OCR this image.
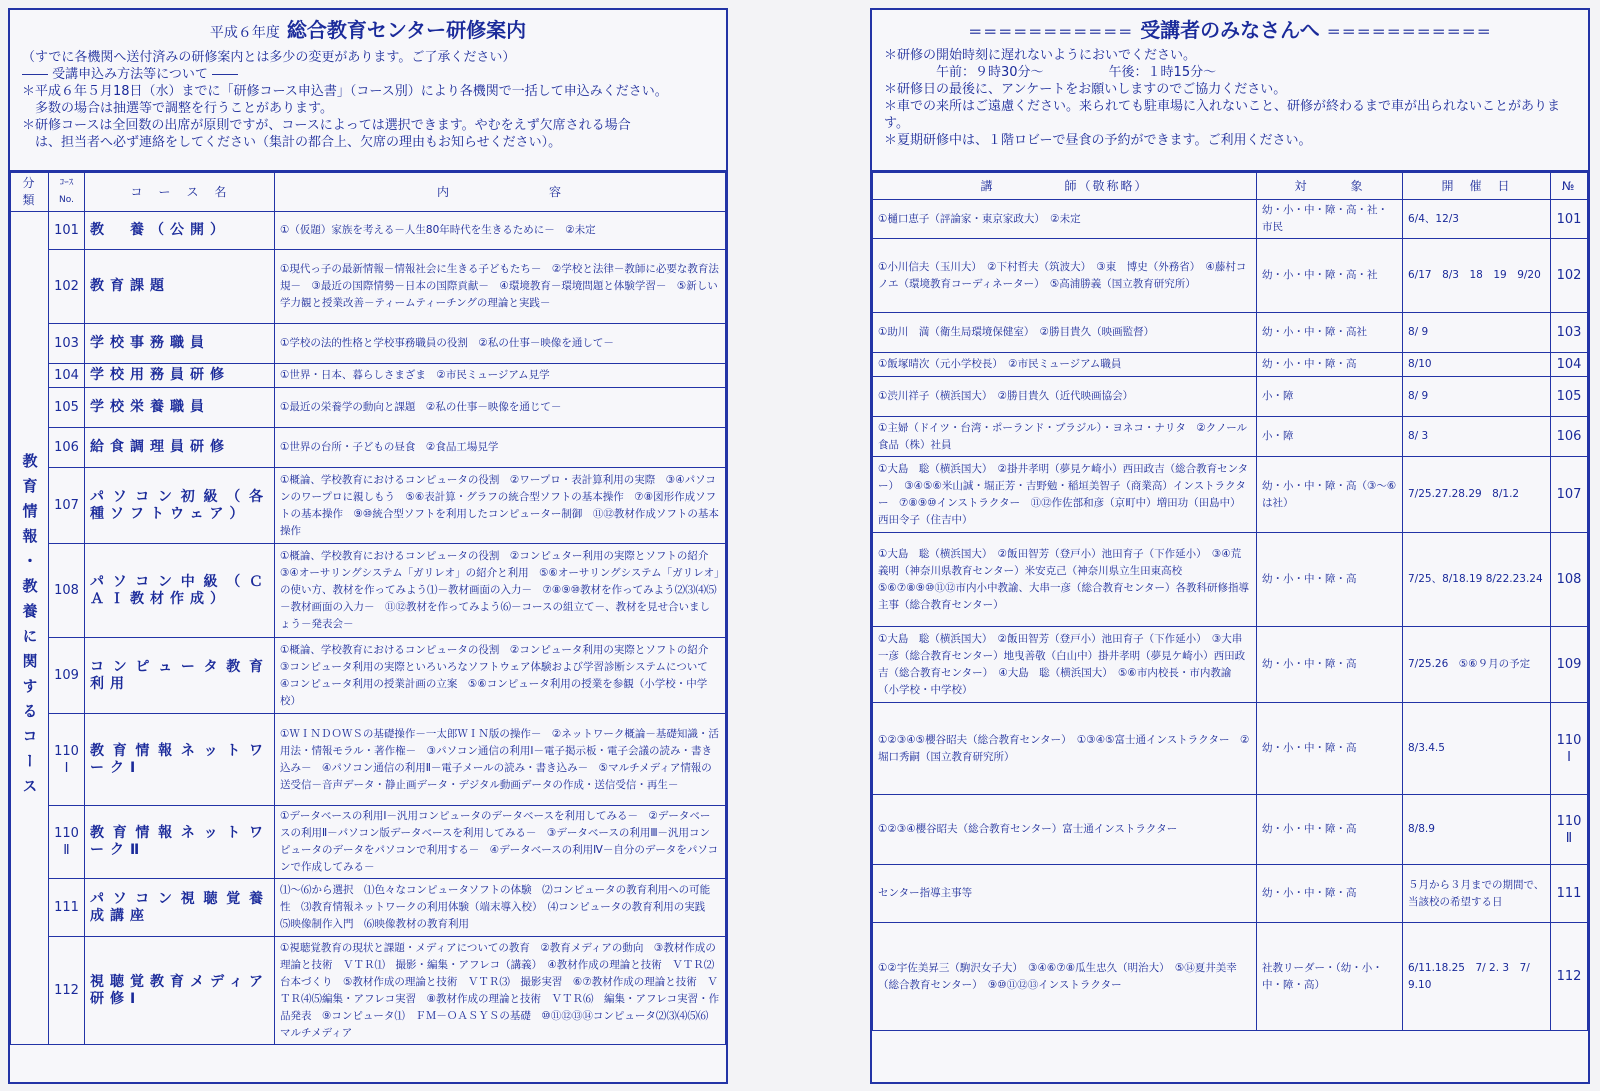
平成６年度 総合教育センター研修案内

（すでに各機関へ送付済みの研修案内とは多少の変更があります。ご了承ください）

―― 受講申込み方法等について ――

＊平成６年５月18日（水）までに「研修コース申込書」（コース別）により各機関で一括して申込みください。

　多数の場合は抽選等で調整を行うことがあります。

＊研修コースは全回数の出席が原則ですが、コースによっては選択できます。やむをえず欠席される場合

　は、担当者へ必ず連絡をしてください（集計の都合上、欠席の理由もお知らせください）。

分類	ｺｰｽNo.	コ　ー　ス　名	内　　　　　　　容
教育情報・教養に関するコース	101	教　養（公開）	①（仮題）家族を考える－人生80年時代を生きるために－　②未定
	102	教育課題	①現代っ子の最新情報－情報社会に生きる子どもたち－　②学校と法律－教師に必要な教育法規－　③最近の国際情勢－日本の国際貢献－　④環境教育－環境問題と体験学習－　⑤新しい学力観と授業改善－ティームティーチングの理論と実践－
	103	学校事務職員	①学校の法的性格と学校事務職員の役割　②私の仕事－映像を通して－
	104	学校用務員研修	①世界・日本、暮らしさまざま　②市民ミュージアム見学
	105	学校栄養職員	①最近の栄養学の動向と課題　②私の仕事－映像を通じて－
	106	給食調理員研修	①世界の台所・子どもの昼食　②食品工場見学
	107	パソコン初級（各種ソフトウェア）	①概論、学校教育におけるコンピュータの役割　②ワープロ・表計算利用の実際　③④パソコンのワープロに親しもう　⑤⑥表計算・グラフの統合型ソフトの基本操作　⑦⑧図形作成ソフトの基本操作　⑨⑩統合型ソフトを利用したコンピューター制御　⑪⑫教材作成ソフトの基本操作
	108	パソコン中級（ＣＡＩ教材作成）	①概論、学校教育におけるコンピュータの役割　②コンピュター利用の実際とソフトの紹介　③④オーサリングシステム「ガリレオ」の紹介と利用　⑤⑥オーサリングシステム「ガリレオ」の使い方、教材を作ってみよう⑴－教材画面の入力－　⑦⑧⑨⑩教材を作ってみよう⑵⑶⑷⑸－教材画面の入力－　⑪⑫教材を作ってみよう⑹－コースの組立て－、教材を見せ合いましょう－発表会－
	109	コンピュータ教育利用	①概論、学校教育におけるコンピュータの役割　②コンピュータ利用の実際とソフトの紹介　③コンピュータ利用の実際といろいろなソフトウェア体験および学習診断システムについて　④コンピュータ利用の授業計画の立案　⑤⑥コンピュータ利用の授業を参観（小学校・中学校）
	110 Ⅰ	教育情報ネットワークⅠ	①ＷＩＮＤＯＷＳの基礎操作－一太郎ＷＩＮ版の操作－　②ネットワーク概論－基礎知識・活用法・情報モラル・著作権－　③パソコン通信の利用Ⅰ－電子掲示板・電子会議の読み・書き込み－　④パソコン通信の利用Ⅱ－電子メールの読み・書き込み－　⑤マルチメディア情報の送受信－音声データ・静止画データ・デジタル動画データの作成・送信受信・再生－
	110 Ⅱ	教育情報ネットワークⅡ	①データベースの利用Ⅰ－汎用コンピュータのデータベースを利用してみる－　②データベースの利用Ⅱ－パソコン版データベースを利用してみる－　③データベースの利用Ⅲ－汎用コンピュータのデータをパソコンで利用する－　④データベースの利用Ⅳ－自分のデータをパソコンで作成してみる－
	111	パソコン視聴覚養成講座	⑴～⑹から選択　⑴色々なコンピュータソフトの体験　⑵コンピュータの教育利用への可能性　⑶教育情報ネットワークの利用体験（端末導入校）　⑷コンピュータの教育利用の実践　⑸映像制作入門　⑹映像教材の教育利用
	112	視聴覚教育メディア研修Ⅰ	①視聴覚教育の現状と課題・メディアについての教育　②教育メディアの動向　③教材作成の理論と技術　ＶＴＲ⑴　撮影・編集・アフレコ（講義）　④教材作成の理論と技術　ＶＴＲ⑵　台本づくり　⑤教材作成の理論と技術　ＶＴＲ⑶　撮影実習　⑥⑦教材作成の理論と技術　ＶＴＲ⑷⑸編集・アフレコ実習　⑧教材作成の理論と技術　ＶＴＲ⑹　編集・アフレコ実習・作品発表　⑨コンピュータ⑴　ＦＭ－ＯＡＳＹＳの基礎　⑩⑪⑫⑬⑭コンピュータ⑵⑶⑷⑸⑹　マルチメディア
＝＝＝＝＝＝＝＝＝＝＝ 受講者のみなさんへ ＝＝＝＝＝＝＝＝＝＝＝

＊研修の開始時刻に遅れないようにおいでください。

　　　　午前：９時30分～　　　　　午後：１時15分～

＊研修日の最後に、アンケートをお願いしますのでご協力ください。

＊車での来所はご遠慮ください。来られても駐車場に入れないこと、研修が終わるまで車が出られないことがあります。

＊夏期研修中は、１階ロビーで昼食の予約ができます。ご利用ください。

講　　　　　師（敬称略）	対　　　象	開　催　日	№
①樋口恵子（評論家・東京家政大）　②未定	幼・小・中・障・高・社・市民	6/4、12/3	101
①小川信夫（玉川大）　②下村哲夫（筑波大）　③東　博史（外務省）　④藤村コノエ（環境教育コーディネーター）　⑤高浦勝義（国立教育研究所）	幼・小・中・障・高・社	6/17　8/3　18　19　9/20	102
①助川　満（衛生局環境保健室）　②勝目貴久（映画監督）	幼・小・中・障・高社	8/ 9	103
①飯塚晴次（元小学校長）　②市民ミュージアム職員	幼・小・中・障・高	8/10	104
①渋川祥子（横浜国大）　②勝目貴久（近代映画協会）	小・障	8/ 9	105
①主婦（ドイツ・台湾・ポーランド・ブラジル）・ヨネコ・ナリタ　②クノール食品（株）社員	小・障	8/ 3	106
①大島　聡（横浜国大）　②掛井孝明（夢見ケ崎小）西田政吉（総合教育センター）　③④⑤⑥米山誠・堀正芳・吉野勉・稲垣美智子（商業高）インストラクター　⑦⑧⑨⑩インストラクター　⑪⑫作佐部和彦（京町中）増田功（田島中）西田令子（住吉中）	幼・小・中・障・高（③～⑥は社）	7/25.27.28.29　8/1.2	107
①大島　聡（横浜国大）　②飯田智芳（登戸小）池田育子（下作延小）　③④荒　義明（神奈川県教育センター）米安克己（神奈川県立生田東高校　⑤⑥⑦⑧⑨⑩⑪⑫市内小中教諭、大串一彦（総合教育センター）各教科研修指導主事（総合教育センター）	幼・小・中・障・高	7/25、8/18.19 8/22.23.24	108
①大島　聡（横浜国大）　②飯田智芳（登戸小）池田育子（下作延小）　③大串一彦（総合教育センター）地曳善敬（白山中）掛井孝明（夢見ケ崎小）西田政吉（総合教育センター）　④大島　聡（横浜国大）　⑤⑥市内校長・市内教諭（小学校・中学校）	幼・小・中・障・高	7/25.26　⑤⑥９月の予定	109
①②③④⑤櫻谷昭夫（総合教育センター）　①③④⑤富士通インストラクター　②堀口秀嗣（国立教育研究所）	幼・小・中・障・高	8/3.4.5	110 Ⅰ
①②③④櫻谷昭夫（総合教育センター）富士通インストラクター	幼・小・中・障・高	8/8.9	110 Ⅱ
センター指導主事等	幼・小・中・障・高	５月から３月までの期間で、当該校の希望する日	111
①②宇佐美昇三（駒沢女子大）　③④⑥⑦⑧瓜生忠久（明治大）　⑤⑭夏井美幸（総合教育センター）　⑨⑩⑪⑫⑬インストラクター	社教リーダー・（幼・小・中・障・高）	6/11.18.25　7/ 2. 3　7/ 9.10	112
